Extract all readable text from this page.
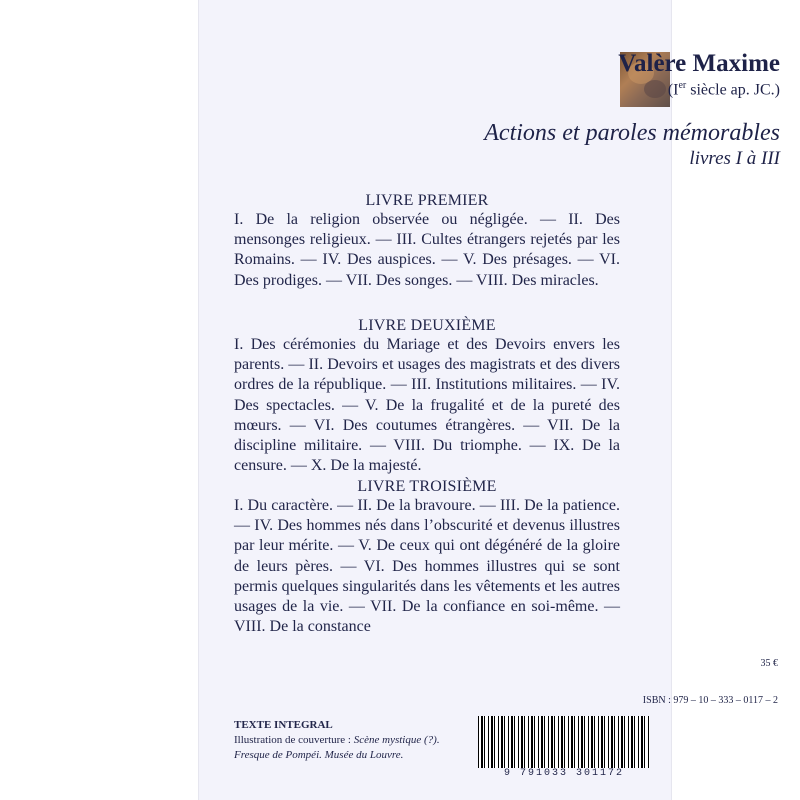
Valère Maxime
(Ier siècle ap. JC.)
Actions et paroles mémorables
livres I à III
LIVRE PREMIER

I. De la religion observée ou négligée. — II. Des mensonges religieux. — III. Cultes étrangers rejetés par les Romains. — IV. Des auspices. — V. Des présages. — VI. Des prodiges. — VII. Des songes. — VIII. Des miracles.

LIVRE DEUXIÈME

I. Des cérémonies du Mariage et des Devoirs envers les parents. — II. Devoirs et usages des magistrats et des divers ordres de la république. — III. Institutions militaires. — IV. Des spectacles. — V. De la frugalité et de la pureté des mœurs. — VI. Des coutumes étrangères. — VII. De la discipline militaire. — VIII. Du triomphe. — IX. De la censure. — X. De la majesté.

LIVRE TROISIÈME

I. Du caractère. — II. De la bravoure. — III. De la patience. — IV. Des hommes nés dans l’obscurité et devenus illustres par leur mérite. — V. De ceux qui ont dégénéré de la gloire de leurs pères. — VI. Des hommes illustres qui se sont permis quelques singularités dans les vêtements et les autres usages de la vie. — VII. De la confiance en soi-même. — VIII. De la constance

35 €
ISBN : 979 – 10 – 333 – 0117 – 2
TEXTE INTEGRAL
Illustration de couverture : Scène mystique (?).
Fresque de Pompéi. Musée du Louvre.
9 791033 301172
